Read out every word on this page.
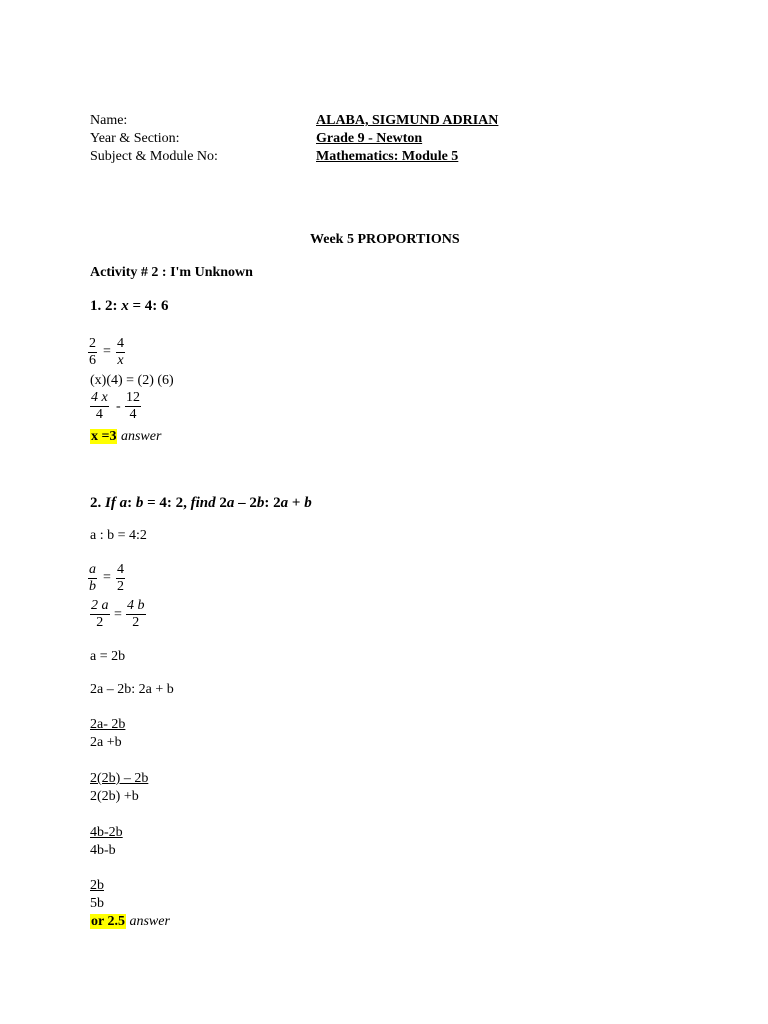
Name:	ALABA, SIGMUND ADRIAN
Year & Section:	Grade 9 - Newton
Subject & Module No:	Mathematics: Module 5
Week 5 PROPORTIONS
Activity # 2 : I'm Unknown
1. 2: x = 4: 6
$\frac{2}{6} = \frac{4}{x}$
(x)(4) = (2) (6)
$\frac{4 x}{4} - \frac{12}{4}$
x =3 answer
2. If a: b = 4: 2, find 2a – 2b: 2a + b
a : b = 4:2
$\frac{a}{b} = \frac{4}{2}$
$\frac{2 a}{2} = \frac{4 b}{2}$
a = 2b
2a – 2b: 2a + b
2a- 2b
2a +b
2(2b) – 2b
2(2b) +b
4b-2b
4b-b
2b
5b
or 2.5 answer
